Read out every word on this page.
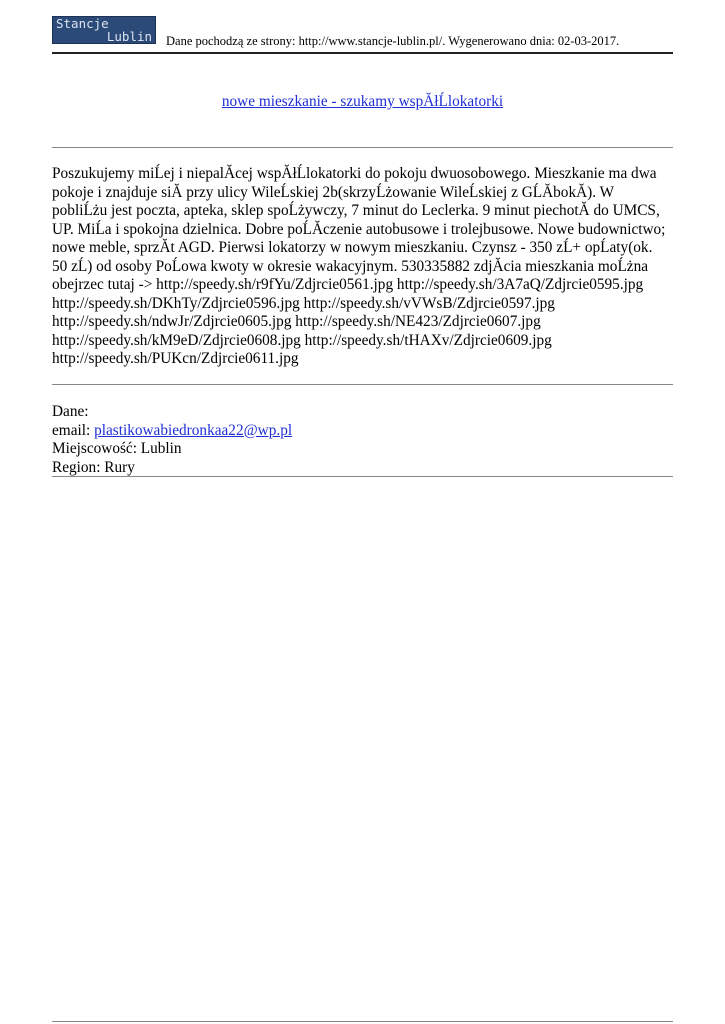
Stancje
Lublin Dane pochodzą ze strony: http://www.stancje-lublin.pl/. Wygenerowano dnia: 02-03-2017.
nowe mieszkanie - szukamy wspĂłĹlokatorki

Poszukujemy miĹej i niepalĂcej wspĂłĹlokatorki do pokoju dwuosobowego. Mieszkanie ma dwa

pokoje i znajduje siĂ przy ulicy WileĹskiej 2b(skrzyĹżowanie WileĹskiej z GĹĂbokĂ). W

pobliĹżu jest poczta, apteka, sklep spoĹżywczy, 7 minut do Leclerka. 9 minut piechotĂ do UMCS,

UP. MiĹa i spokojna dzielnica. Dobre poĹĂczenie autobusowe i trolejbusowe. Nowe budownictwo;

nowe meble, sprzĂt AGD. Pierwsi lokatorzy w nowym mieszkaniu. Czynsz - 350 zĹ+ opĹaty(ok.

50 zĹ) od osoby PoĹowa kwoty w okresie wakacyjnym. 530335882 zdjĂcia mieszkania moĹżna

obejrzec tutaj -> http://speedy.sh/r9fYu/Zdjrcie0561.jpg http://speedy.sh/3A7aQ/Zdjrcie0595.jpg

http://speedy.sh/DKhTy/Zdjrcie0596.jpg http://speedy.sh/vVWsB/Zdjrcie0597.jpg

http://speedy.sh/ndwJr/Zdjrcie0605.jpg http://speedy.sh/NE423/Zdjrcie0607.jpg

http://speedy.sh/kM9eD/Zdjrcie0608.jpg http://speedy.sh/tHAXv/Zdjrcie0609.jpg

http://speedy.sh/PUKcn/Zdjrcie0611.jpg

Dane:

email: plastikowabiedronkaa22@wp.pl

Miejscowość: Lublin

Region: Rury
